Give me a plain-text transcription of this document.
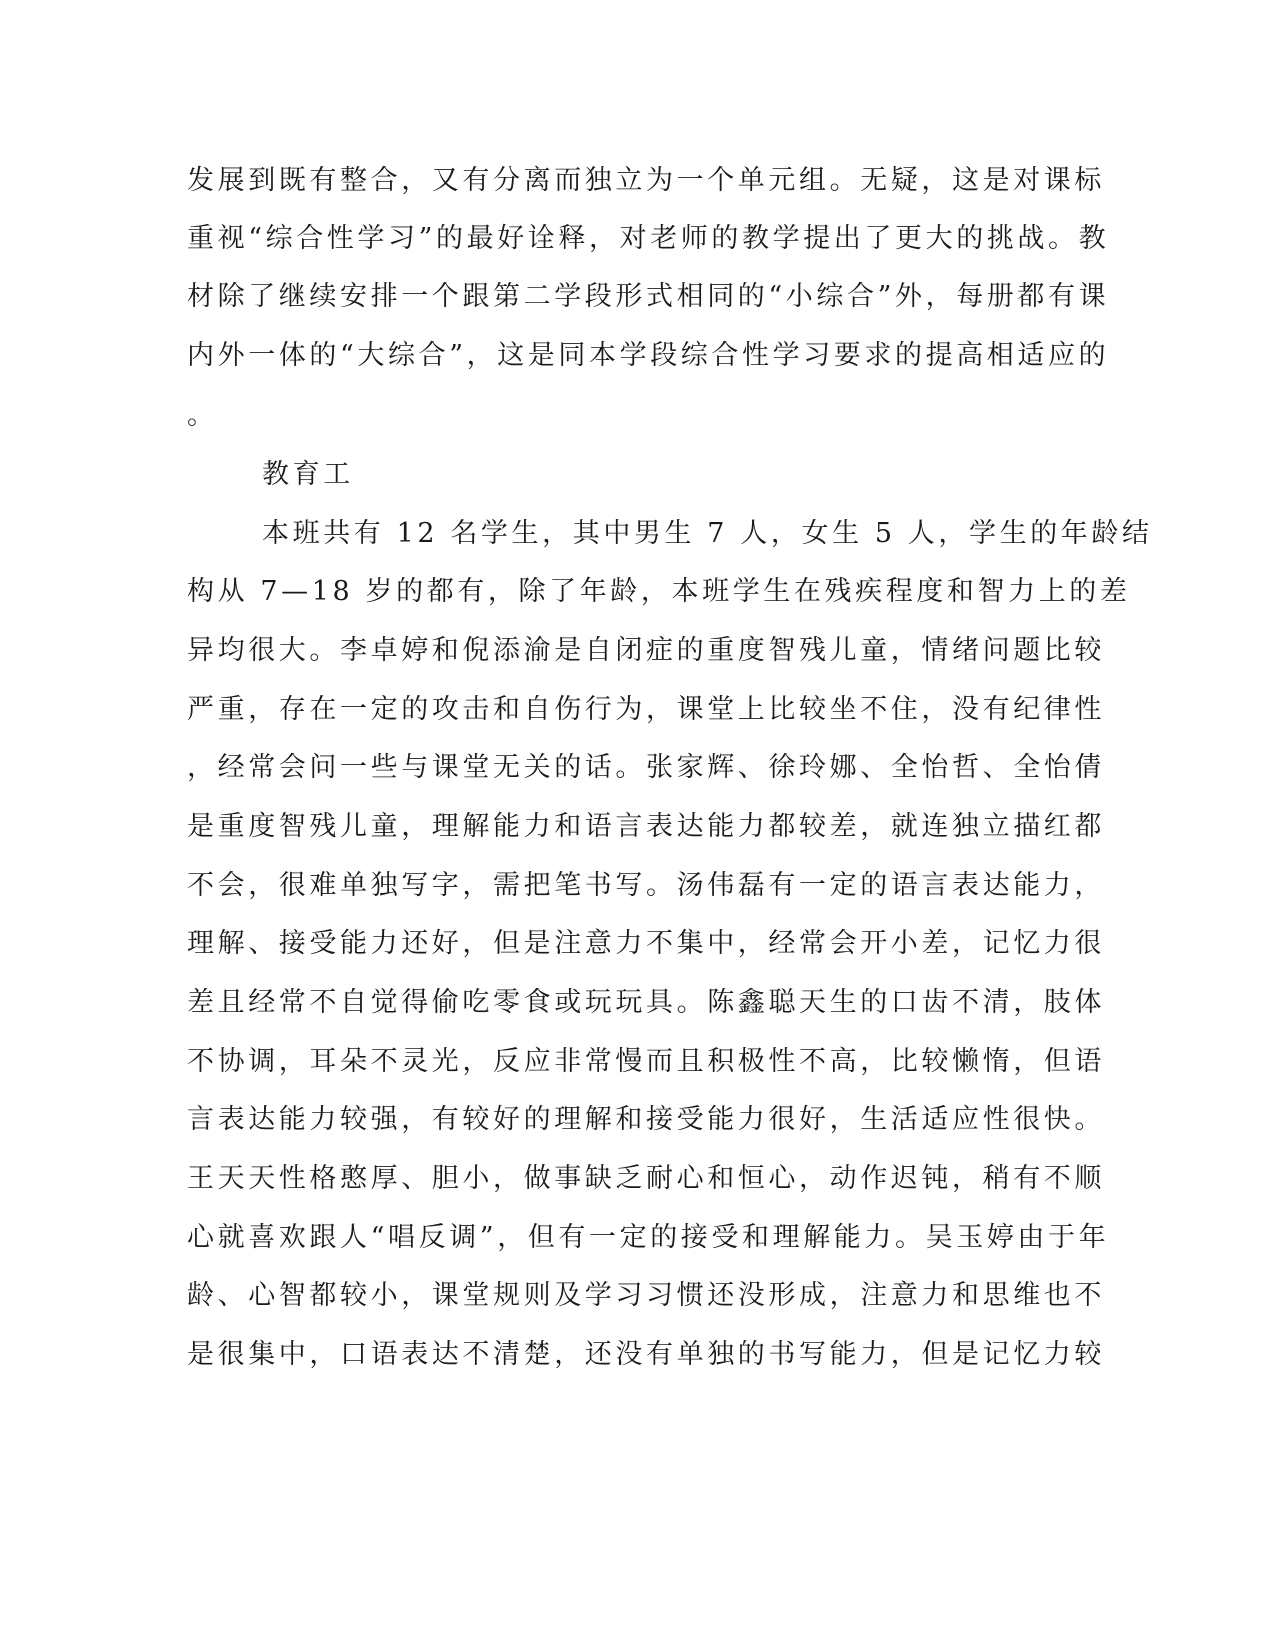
发展到既有整合，又有分离而独立为一个单元组。无疑，这是对课标
重视“综合性学习”的最好诠释，对老师的教学提出了更大的挑战。教
材除了继续安排一个跟第二学段形式相同的“小综合”外，每册都有课
内外一体的“大综合”，这是同本学段综合性学习要求的提高相适应的
。
教育工
本班共有 12 名学生，其中男生 7 人，女生 5 人，学生的年龄结
构从 7—18 岁的都有，除了年龄，本班学生在残疾程度和智力上的差
异均很大。李卓婷和倪添渝是自闭症的重度智残儿童，情绪问题比较
严重，存在一定的攻击和自伤行为，课堂上比较坐不住，没有纪律性
，经常会问一些与课堂无关的话。张家辉、徐玲娜、全怡哲、全怡倩
是重度智残儿童，理解能力和语言表达能力都较差，就连独立描红都
不会，很难单独写字，需把笔书写。汤伟磊有一定的语言表达能力，
理解、接受能力还好，但是注意力不集中，经常会开小差，记忆力很
差且经常不自觉得偷吃零食或玩玩具。陈鑫聪天生的口齿不清，肢体
不协调，耳朵不灵光，反应非常慢而且积极性不高，比较懒惰，但语
言表达能力较强，有较好的理解和接受能力很好，生活适应性很快。
王天天性格憨厚、胆小，做事缺乏耐心和恒心，动作迟钝，稍有不顺
心就喜欢跟人“唱反调”，但有一定的接受和理解能力。吴玉婷由于年
龄、心智都较小，课堂规则及学习习惯还没形成，注意力和思维也不
是很集中，口语表达不清楚，还没有单独的书写能力，但是记忆力较
